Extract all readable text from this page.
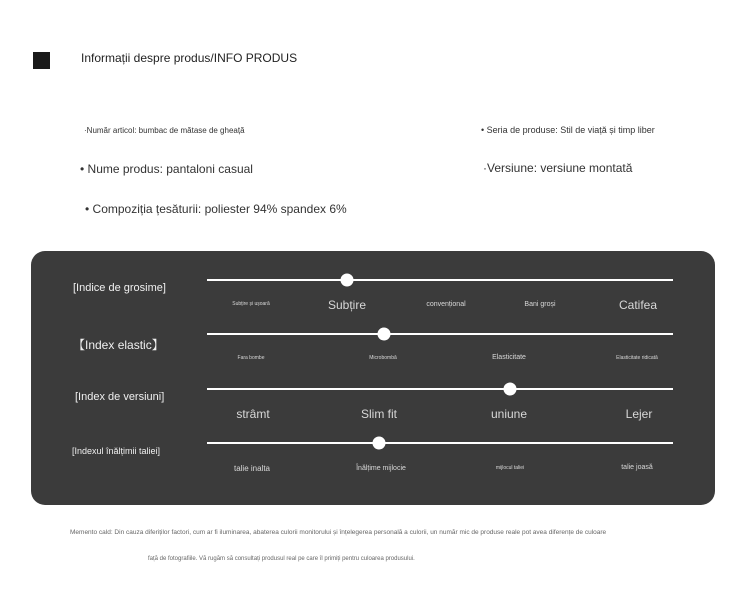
Informații despre produs/INFO PRODUS
·Număr articol: bumbac de mătase de gheață	• Seria de produse: Stil de viață și timp liber
• Nume produs: pantaloni casual	·Versiune: versiune montată
• Compoziția țesăturii: poliester 94% spandex 6%
[Indice de grosime]
Subțire și ușoară	Subțire	convențional	Bani groși	Catifea
【Index elastic】
Fara bombe	Microbombă	Elasticitate	Elasticitate ridicată
[Index de versiuni]
strâmt	Slim fit	uniune	Lejer
[Indexul înălțimii taliei]
talie inalta	Înălțime mijlocie	mijlocul taliei	talie joasă
Memento cald: Din cauza diferiților factori, cum ar fi iluminarea, abaterea culorii monitorului și înțelegerea personală a culorii, un număr mic de produse reale pot avea diferențe de culoare
față de fotografiile. Vă rugăm să consultați produsul real pe care îl primiți pentru culoarea produsului.
